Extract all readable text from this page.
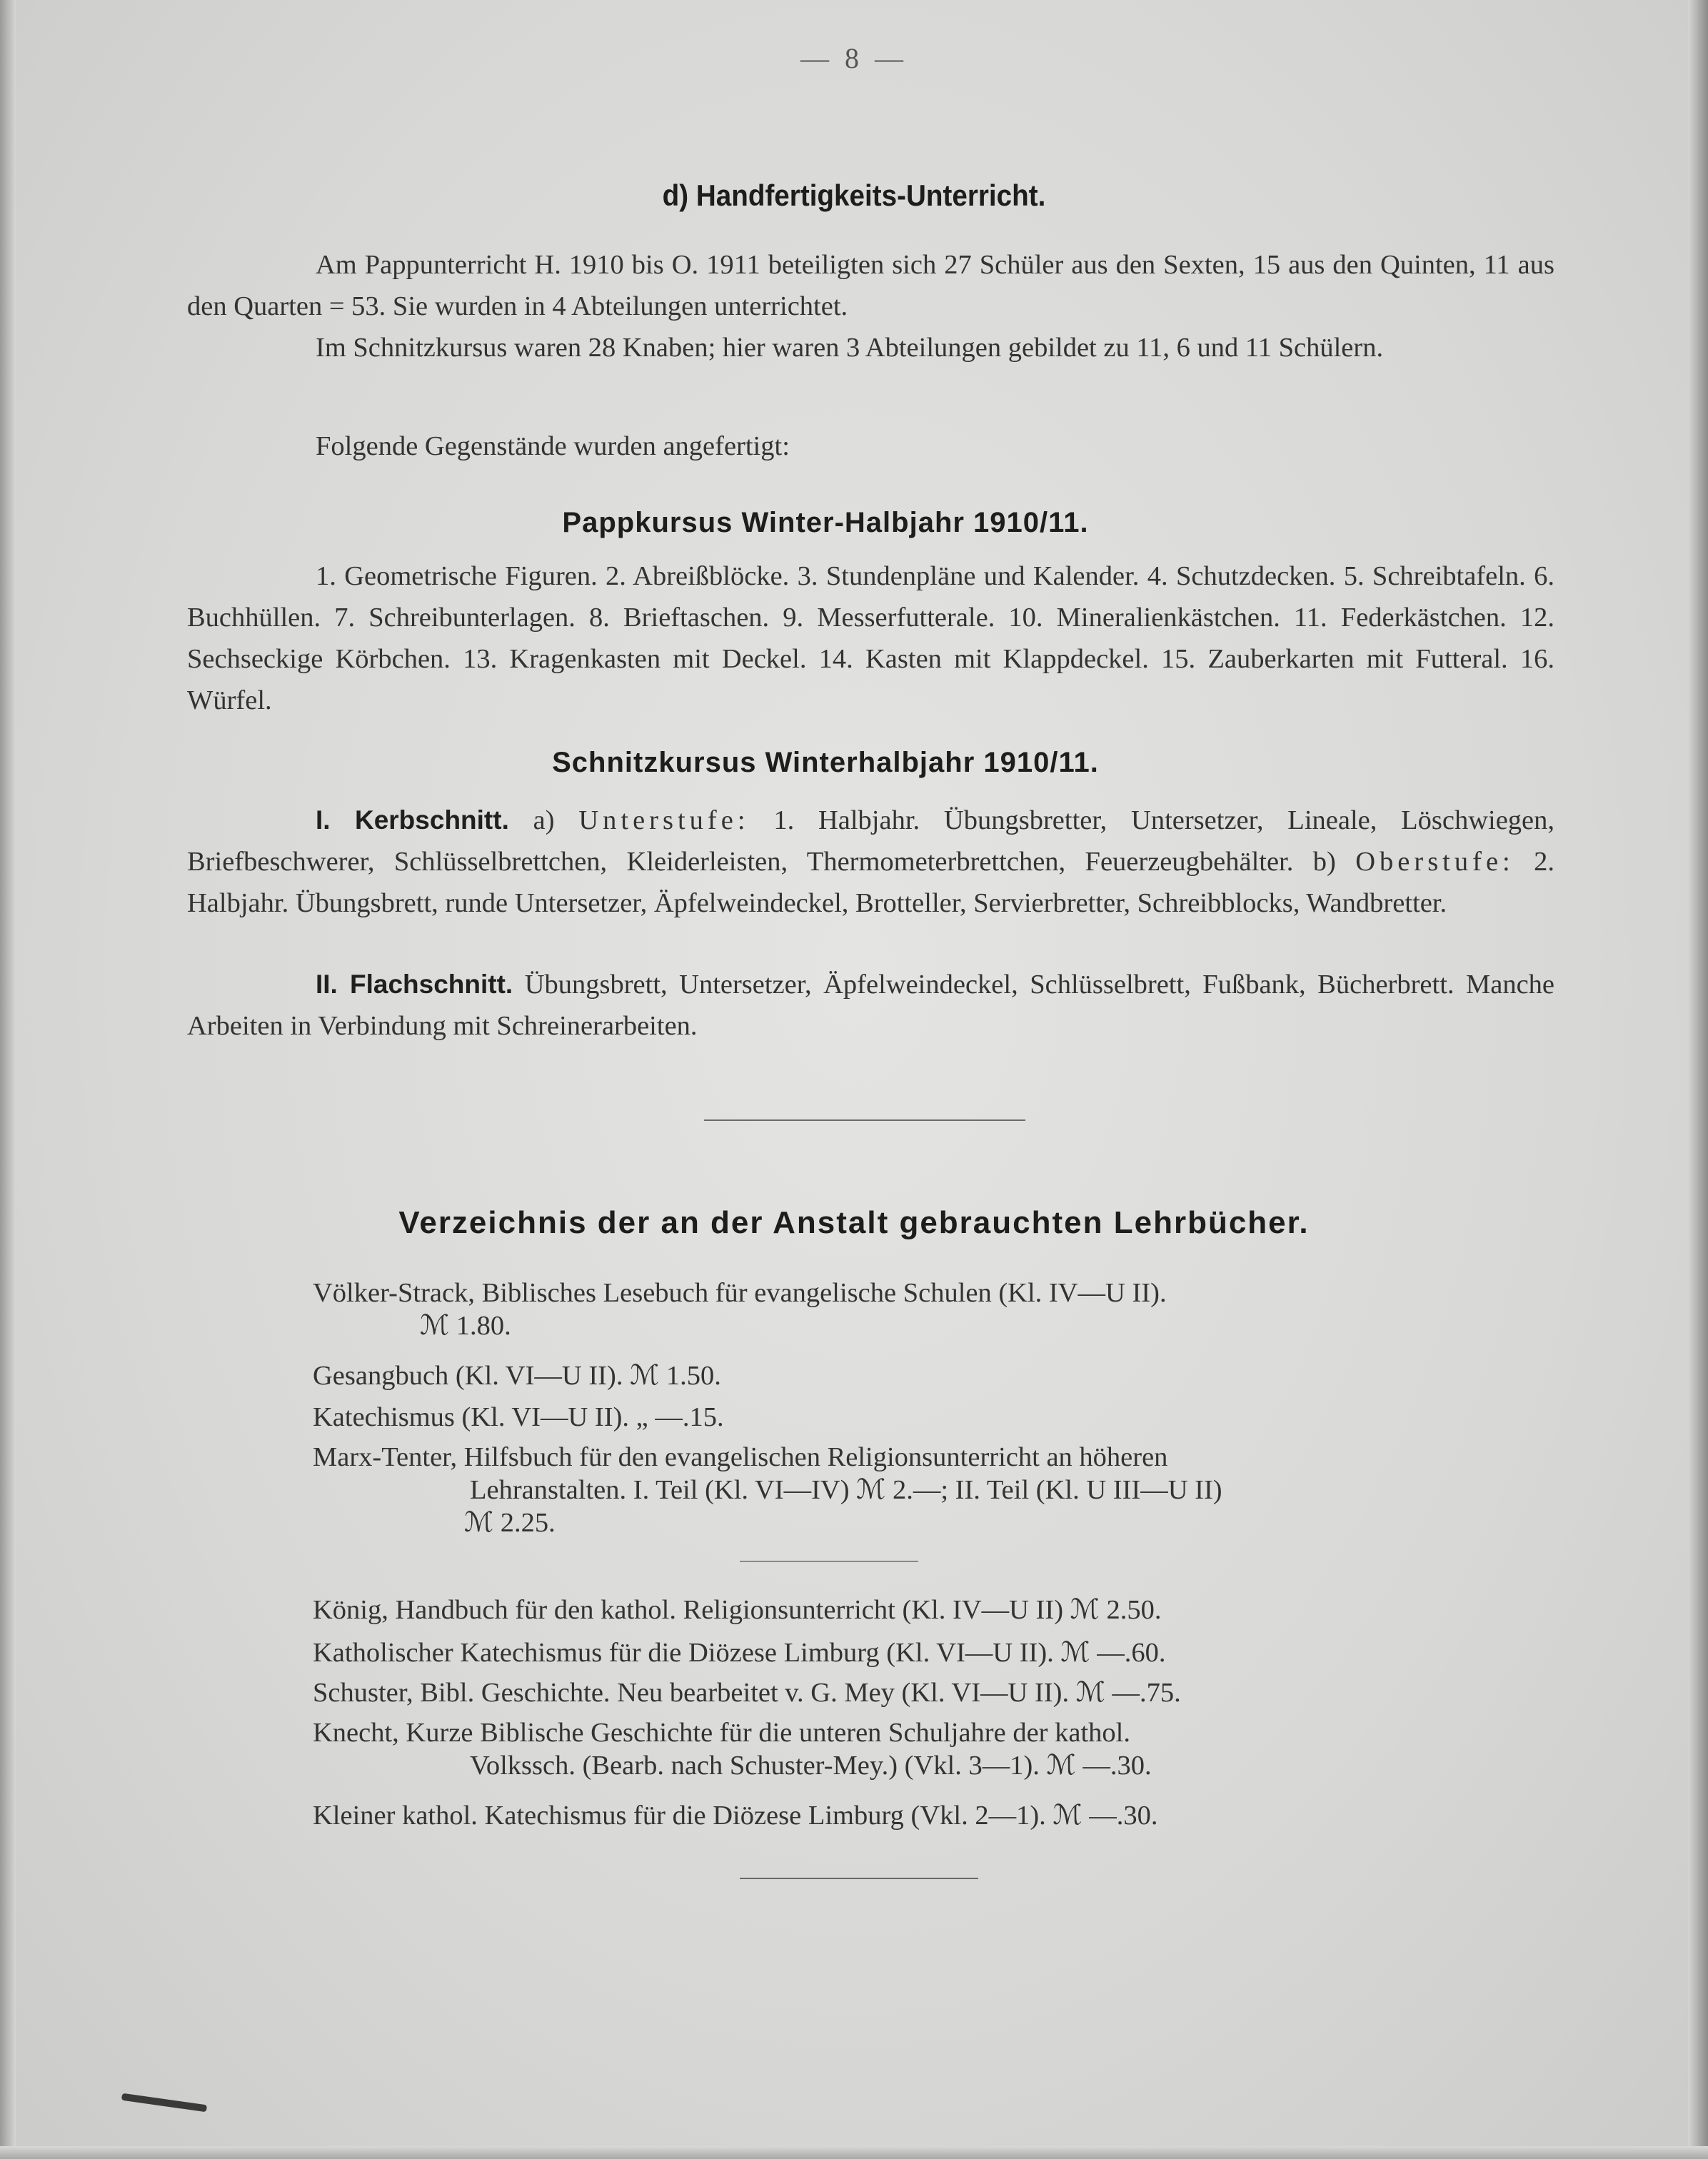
— 8 —
d) Handfertigkeits-Unterricht.

Am Pappunterricht H. 1910 bis O. 1911 beteiligten sich 27 Schüler aus den Sexten, 15 aus den Quinten, 11 aus den Quarten = 53. Sie wurden in 4 Abteilungen unterrichtet.

Im Schnitzkursus waren 28 Knaben; hier waren 3 Abteilungen gebildet zu 11, 6 und 11 Schülern.

Folgende Gegenstände wurden angefertigt:

Pappkursus Winter-Halbjahr 1910/11.

1. Geometrische Figuren. 2. Abreißblöcke. 3. Stundenpläne und Kalender. 4. Schutzdecken. 5. Schreibtafeln. 6. Buchhüllen. 7. Schreibunterlagen. 8. Brieftaschen. 9. Messerfutterale. 10. Mineralienkästchen. 11. Federkästchen. 12. Sechseckige Körbchen. 13. Kragenkasten mit Deckel. 14. Kasten mit Klappdeckel. 15. Zauberkarten mit Futteral. 16. Würfel.

Schnitzkursus Winterhalbjahr 1910/11.

I. Kerbschnitt. a) Unterstufe: 1. Halbjahr. Übungsbretter, Untersetzer, Lineale, Löschwiegen, Briefbeschwerer, Schlüsselbrettchen, Kleiderleisten, Thermometerbrettchen, Feuerzeugbehälter. b) Oberstufe: 2. Halbjahr. Übungsbrett, runde Untersetzer, Äpfelweindeckel, Brotteller, Servierbretter, Schreibblocks, Wandbretter.

II. Flachschnitt. Übungsbrett, Untersetzer, Äpfelweindeckel, Schlüsselbrett, Fußbank, Bücherbrett. Manche Arbeiten in Verbindung mit Schreinerarbeiten.

Verzeichnis der an der Anstalt gebrauchten Lehrbücher.
Völker-Strack, Biblisches Lesebuch für evangelische Schulen (Kl. IV—U II).
ℳ 1.80.
Gesangbuch (Kl. VI—U II). ℳ 1.50.
Katechismus (Kl. VI—U II). „ —.15.
Marx-Tenter, Hilfsbuch für den evangelischen Religionsunterricht an höheren
Lehranstalten. I. Teil (Kl. VI—IV) ℳ 2.—; II. Teil (Kl. U III—U II)
ℳ 2.25.
König, Handbuch für den kathol. Religionsunterricht (Kl. IV—U II) ℳ 2.50.
Katholischer Katechismus für die Diözese Limburg (Kl. VI—U II). ℳ —.60.
Schuster, Bibl. Geschichte. Neu bearbeitet v. G. Mey (Kl. VI—U II). ℳ —.75.
Knecht, Kurze Biblische Geschichte für die unteren Schuljahre der kathol.
Volkssch. (Bearb. nach Schuster-Mey.) (Vkl. 3—1). ℳ —.30.
Kleiner kathol. Katechismus für die Diözese Limburg (Vkl. 2—1). ℳ —.30.
